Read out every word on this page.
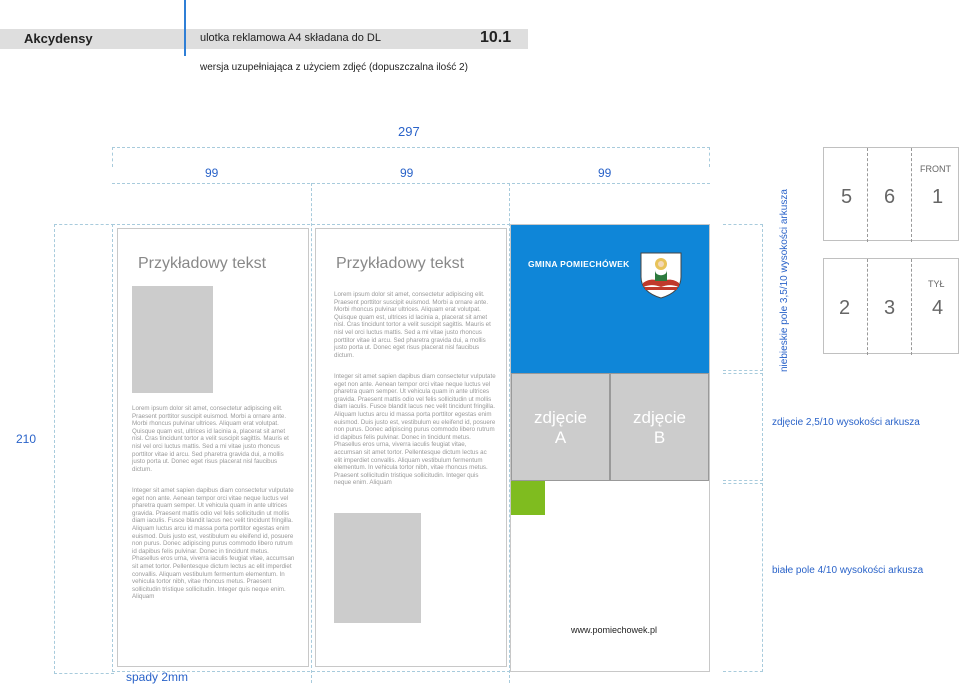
Akcydensy	ulotka reklamowa A4 składana do DL	10.1
wersja uzupełniająca z użyciem zdjęć (dopuszczalna ilość 2)
297
99	99	99
210
spady 2mm
Przykładowy tekst
Lorem ipsum dolor sit amet, consectetur adipiscing elit. Praesent porttitor suscipit euismod. Morbi a ornare ante. Morbi rhoncus pulvinar ultrices. Aliquam erat volutpat. Quisque quam est, ultrices id lacinia a, placerat sit amet nisl. Cras tincidunt tortor a velit suscipit sagittis. Mauris et nisl vel orci luctus mattis. Sed a mi vitae justo rhoncus porttitor vitae id arcu. Sed pharetra gravida dui, a mollis justo porta ut. Donec eget risus placerat nisl faucibus dictum.
Integer sit amet sapien dapibus diam consectetur vulputate eget non ante. Aenean tempor orci vitae neque luctus vel pharetra quam semper. Ut vehicula quam in ante ultrices gravida. Praesent mattis odio vel felis sollicitudin ut mollis diam iaculis. Fusce blandit lacus nec velit tincidunt fringilla. Aliquam luctus arcu id massa porta porttitor egestas enim euismod. Duis justo est, vestibulum eu eleifend id, posuere non purus. Donec adipiscing purus commodo libero rutrum id dapibus felis pulvinar. Donec in tincidunt metus. Phasellus eros urna, viverra iaculis feugiat vitae, accumsan sit amet tortor. Pellentesque dictum lectus ac elit imperdiet convallis. Aliquam vestibulum fermentum elementum. In vehicula tortor nibh, vitae rhoncus metus. Praesent sollicitudin tristique sollicitudin. Integer quis neque enim. Aliquam
Przykładowy tekst
Lorem ipsum dolor sit amet, consectetur adipiscing elit. Praesent porttitor suscipit euismod. Morbi a ornare ante. Morbi rhoncus pulvinar ultrices. Aliquam erat volutpat. Quisque quam est, ultrices id lacinia a, placerat sit amet nisl. Cras tincidunt tortor a velit suscipit sagittis. Mauris et nisl vel orci luctus mattis. Sed a mi vitae justo rhoncus porttitor vitae id arcu. Sed pharetra gravida dui, a mollis justo porta ut. Donec eget risus placerat nisl faucibus dictum.
Integer sit amet sapien dapibus diam consectetur vulputate eget non ante. Aenean tempor orci vitae neque luctus vel pharetra quam semper. Ut vehicula quam in ante ultrices gravida. Praesent mattis odio vel felis sollicitudin ut mollis diam iaculis. Fusce blandit lacus nec velit tincidunt fringilla. Aliquam luctus arcu id massa porta porttitor egestas enim euismod. Duis justo est, vestibulum eu eleifend id, posuere non purus. Donec adipiscing purus commodo libero rutrum id dapibus felis pulvinar. Donec in tincidunt metus. Phasellus eros urna, viverra iaculis feugiat vitae, accumsan sit amet tortor. Pellentesque dictum lectus ac elit imperdiet convallis. Aliquam vestibulum fermentum elementum. In vehicula tortor nibh, vitae rhoncus metus. Praesent sollicitudin tristique sollicitudin. Integer quis neque enim. Aliquam
GMINA POMIECHÓWEK
zdjęcie
A
zdjęcie
B
www.pomiechowek.pl
niebieskie pole 3,5/10 wysokości arkusza
zdjęcie 2,5/10 wysokości arkusza
białe pole 4/10 wysokości arkusza
FRONT
5 6 1
TYŁ
2 3 4
